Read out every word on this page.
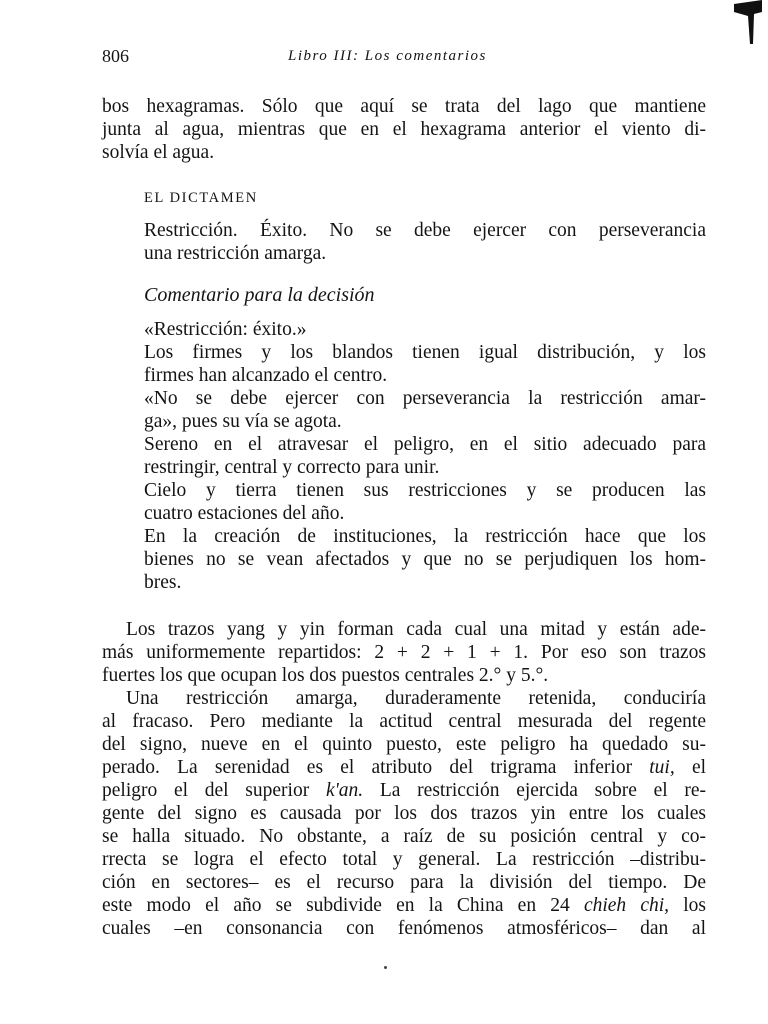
806	Libro III: Los comentarios
bos hexagramas. Sólo que aquí se trata del lago que mantiene
junta al agua, mientras que en el hexagrama anterior el viento di-
solvía el agua.
EL DICTAMEN
Restricción. Éxito. No se debe ejercer con perseverancia
una restricción amarga.
Comentario para la decisión
«Restricción: éxito.»
Los firmes y los blandos tienen igual distribución, y los
firmes han alcanzado el centro.
«No se debe ejercer con perseverancia la restricción amar-
ga», pues su vía se agota.
Sereno en el atravesar el peligro, en el sitio adecuado para
restringir, central y correcto para unir.
Cielo y tierra tienen sus restricciones y se producen las
cuatro estaciones del año.
En la creación de instituciones, la restricción hace que los
bienes no se vean afectados y que no se perjudiquen los hom-
bres.
Los trazos yang y yin forman cada cual una mitad y están ade-
más uniformemente repartidos: 2 + 2 + 1 + 1. Por eso son trazos
fuertes los que ocupan los dos puestos centrales 2.° y 5.°.
Una restricción amarga, duraderamente retenida, conduciría
al fracaso. Pero mediante la actitud central mesurada del regente
del signo, nueve en el quinto puesto, este peligro ha quedado su-
perado. La serenidad es el atributo del trigrama inferior tui, el
peligro el del superior k'an. La restricción ejercida sobre el re-
gente del signo es causada por los dos trazos yin entre los cuales
se halla situado. No obstante, a raíz de su posición central y co-
rrecta se logra el efecto total y general. La restricción –distribu-
ción en sectores– es el recurso para la división del tiempo. De
este modo el año se subdivide en la China en 24 chieh chi, los
cuales –en consonancia con fenómenos atmosféricos– dan al
